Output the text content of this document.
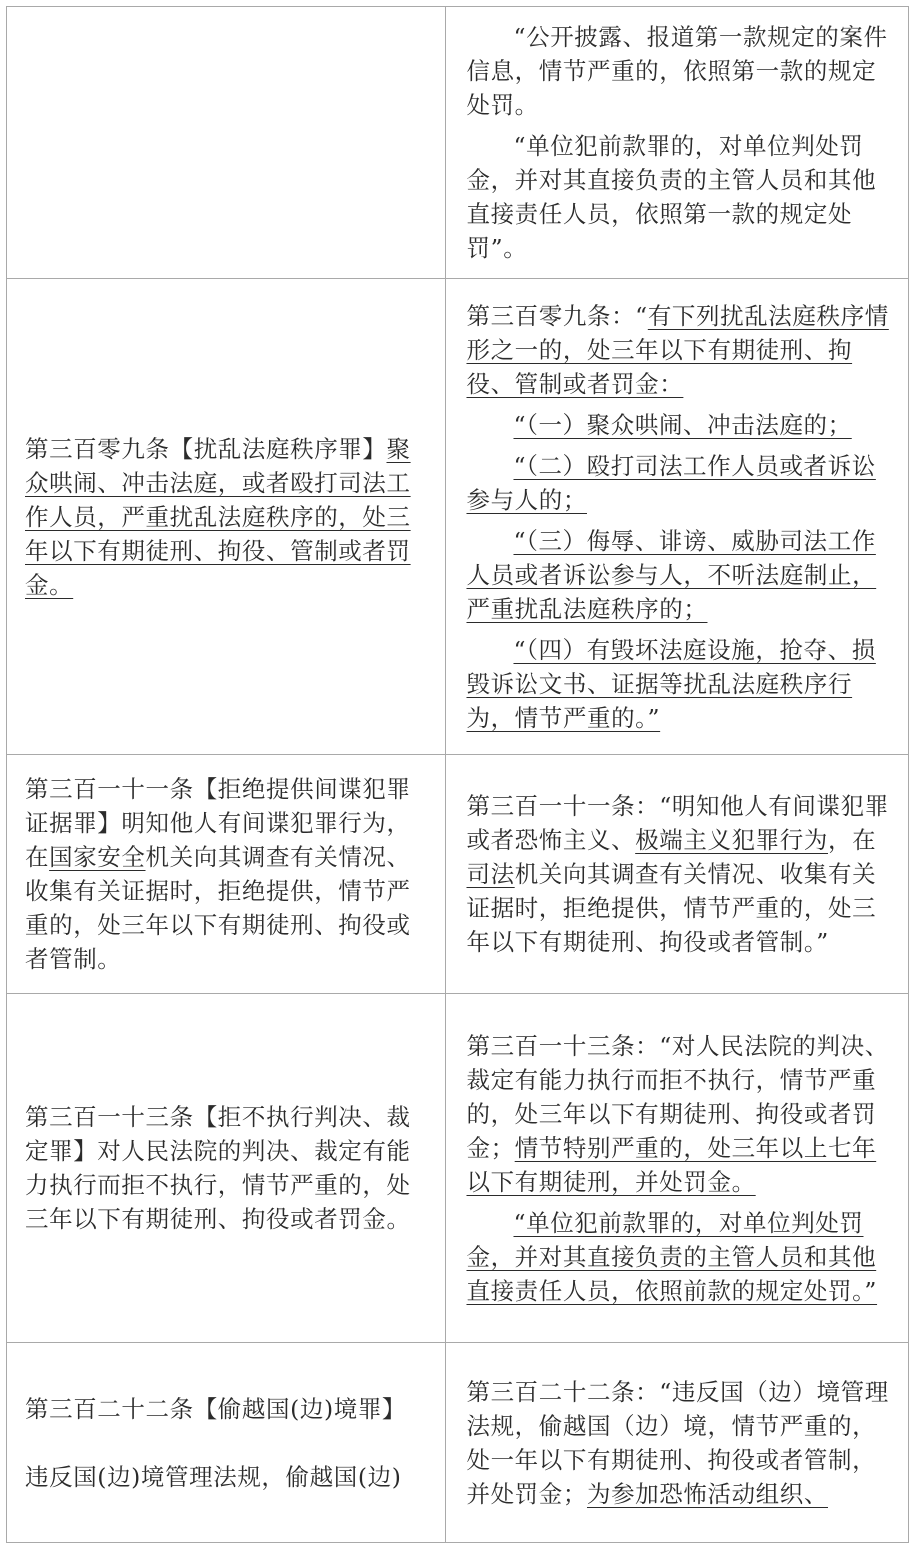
	“公开披露、报道第一款规定的案件信息，情节严重的，依照第一款的规定处罚。

“单位犯前款罪的，对单位判处罚金，并对其直接负责的主管人员和其他直接责任人员，依照第一款的规定处罚”。

第三百零九条【扰乱法庭秩序罪】聚众哄闹、冲击法庭，或者殴打司法工作人员，严重扰乱法庭秩序的，处三年以下有期徒刑、拘役、管制或者罚金。	第三百零九条：“有下列扰乱法庭秩序情形之一的，处三年以下有期徒刑、拘役、管制或者罚金：

“（一）聚众哄闹、冲击法庭的；

“（二）殴打司法工作人员或者诉讼参与人的；

“（三）侮辱、诽谤、威胁司法工作人员或者诉讼参与人，不听法庭制止，严重扰乱法庭秩序的；

“（四）有毁坏法庭设施，抢夺、损毁诉讼文书、证据等扰乱法庭秩序行为，情节严重的。”

第三百一十一条【拒绝提供间谍犯罪证据罪】明知他人有间谍犯罪行为，在国家安全机关向其调查有关情况、收集有关证据时，拒绝提供，情节严重的，处三年以下有期徒刑、拘役或者管制。	第三百一十一条：“明知他人有间谍犯罪或者恐怖主义、极端主义犯罪行为，在司法机关向其调查有关情况、收集有关证据时，拒绝提供，情节严重的，处三年以下有期徒刑、拘役或者管制。”

第三百一十三条【拒不执行判决、裁定罪】对人民法院的判决、裁定有能力执行而拒不执行，情节严重的，处三年以下有期徒刑、拘役或者罚金。	第三百一十三条：“对人民法院的判决、裁定有能力执行而拒不执行，情节严重的，处三年以下有期徒刑、拘役或者罚金；情节特别严重的，处三年以上七年以下有期徒刑，并处罚金。

“单位犯前款罪的，对单位判处罚金，并对其直接负责的主管人员和其他直接责任人员，依照前款的规定处罚。”

第三百二十二条【偷越国(边)境罪】

违反国(边)境管理法规，偷越国(边)	第三百二十二条：“违反国（边）境管理法规，偷越国（边）境，情节严重的，处一年以下有期徒刑、拘役或者管制，并处罚金；为参加恐怖活动组织、
